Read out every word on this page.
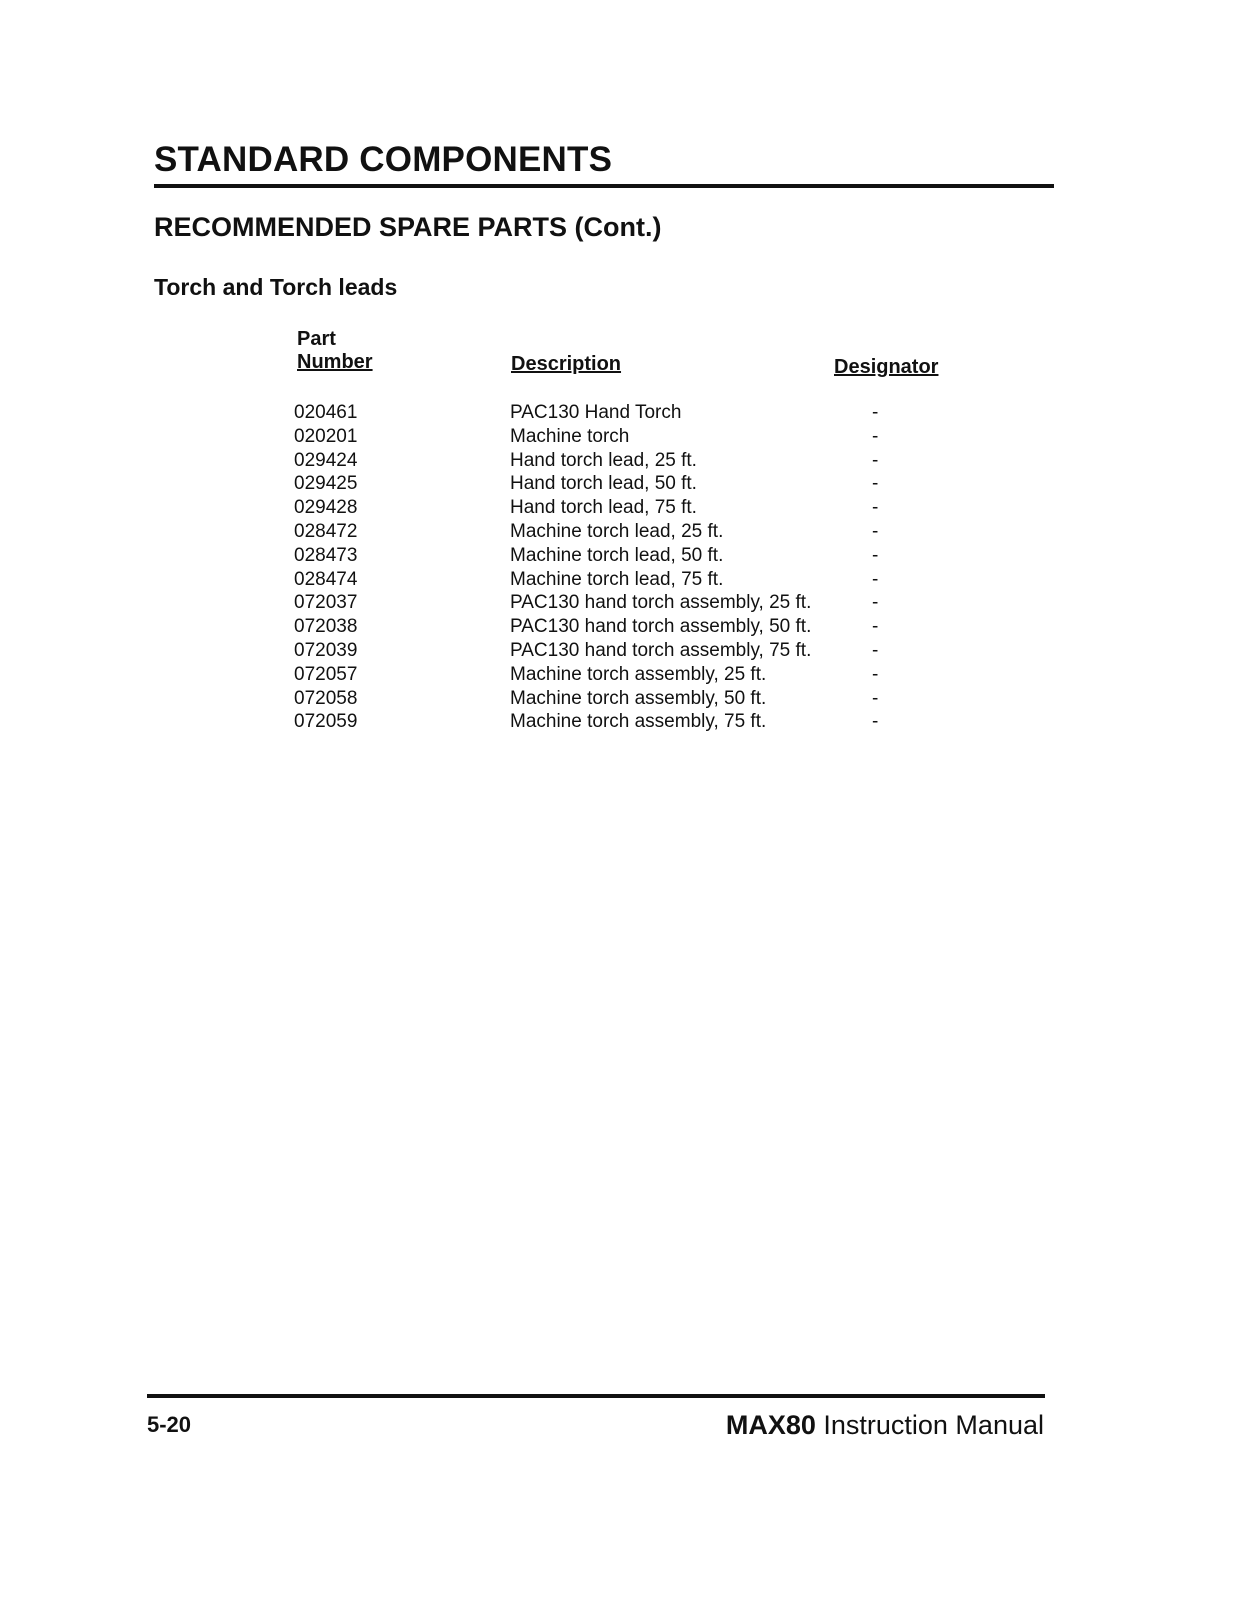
STANDARD COMPONENTS
RECOMMENDED SPARE PARTS (Cont.)
Torch and Torch leads
Part
Number	Description	Designator
020461	PAC130 Hand Torch	-
020201	Machine torch	-
029424	Hand torch lead, 25 ft.	-
029425	Hand torch lead, 50 ft.	-
029428	Hand torch lead, 75 ft.	-
028472	Machine torch lead, 25 ft.	-
028473	Machine torch lead, 50 ft.	-
028474	Machine torch lead, 75 ft.	-
072037	PAC130 hand torch assembly, 25 ft.	-
072038	PAC130 hand torch assembly, 50 ft.	-
072039	PAC130 hand torch assembly, 75 ft.	-
072057	Machine torch assembly, 25 ft.	-
072058	Machine torch assembly, 50 ft.	-
072059	Machine torch assembly, 75 ft.	-
5-20	MAX80 Instruction Manual
